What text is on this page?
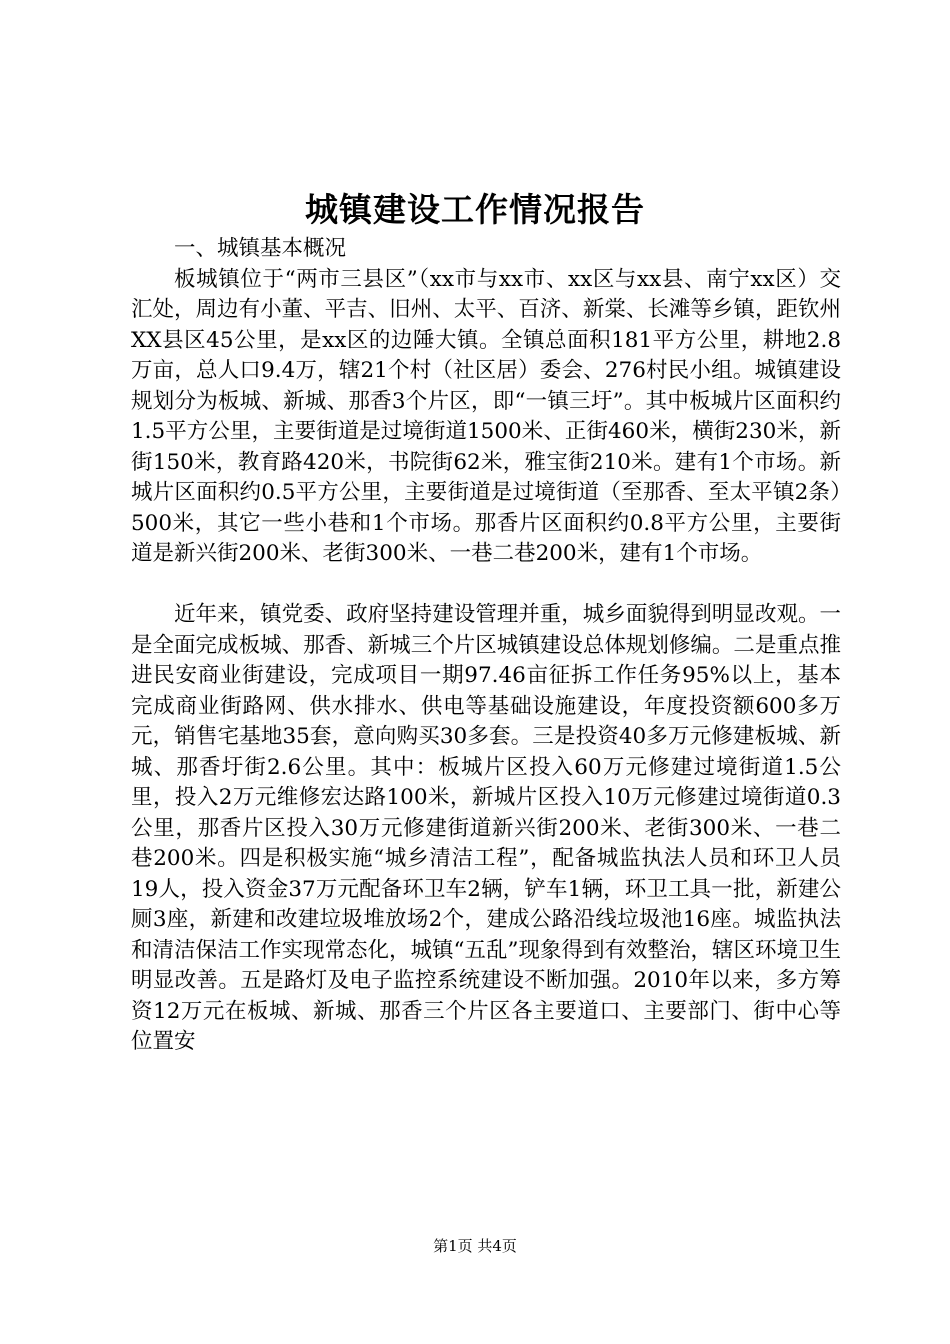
城镇建设工作情况报告

一、城镇基本概况

板城镇位于“两市三县区”（xx市与xx市、xx区与xx县、南宁xx区）交汇处，周边有小董、平吉、旧州、太平、百济、新棠、长滩等乡镇，距钦州XX县区45公里，是xx区的边陲大镇。全镇总面积181平方公里，耕地2.8万亩，总人口9.4万，辖21个村（社区居）委会、276村民小组。城镇建设规划分为板城、新城、那香3个片区，即“一镇三圩”。其中板城片区面积约1.5平方公里，主要街道是过境街道1500米、正街460米，横街230米，新街150米，教育路420米，书院街62米，雅宝街210米。建有1个市场。新城片区面积约0.5平方公里，主要街道是过境街道（至那香、至太平镇2条）500米，其它一些小巷和1个市场。那香片区面积约0.8平方公里，主要街道是新兴街200米、老街300米、一巷二巷200米，建有1个市场。

近年来，镇党委、政府坚持建设管理并重，城乡面貌得到明显改观。一是全面完成板城、那香、新城三个片区城镇建设总体规划修编。二是重点推进民安商业街建设，完成项目一期97.46亩征拆工作任务95%以上，基本完成商业街路网、供水排水、供电等基础设施建设，年度投资额600多万元，销售宅基地35套，意向购买30多套。三是投资40多万元修建板城、新城、那香圩街2.6公里。其中：板城片区投入60万元修建过境街道1.5公里，投入2万元维修宏达路100米，新城片区投入10万元修建过境街道0.3公里，那香片区投入30万元修建街道新兴街200米、老街300米、一巷二巷200米。四是积极实施“城乡清洁工程”，配备城监执法人员和环卫人员19人，投入资金37万元配备环卫车2辆，铲车1辆，环卫工具一批，新建公厕3座，新建和改建垃圾堆放场2个，建成公路沿线垃圾池16座。城监执法和清洁保洁工作实现常态化，城镇“五乱”现象得到有效整治，辖区环境卫生明显改善。五是路灯及电子监控系统建设不断加强。2010年以来，多方筹资12万元在板城、新城、那香三个片区各主要道口、主要部门、街中心等位置安

第1页 共4页
